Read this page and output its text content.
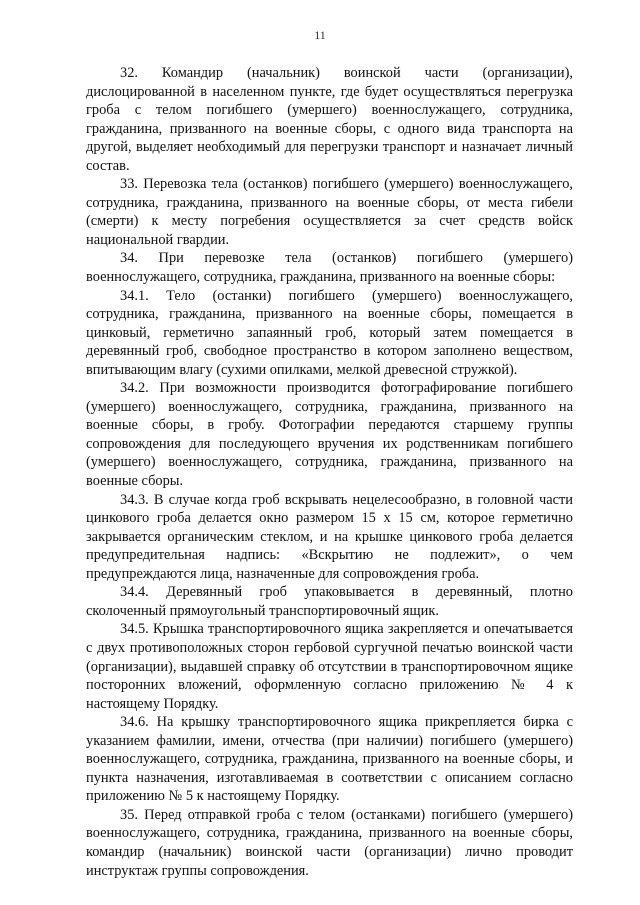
11

32. Командир (начальник) воинской части (организации), дислоцированной в населенном пункте, где будет осуществляться перегрузка гроба с телом погибшего (умершего) военнослужащего, сотрудника, гражданина, призванного на военные сборы, с одного вида транспорта на другой, выделяет необходимый для перегрузки транспорт и назначает личный состав.

33. Перевозка тела (останков) погибшего (умершего) военнослужащего, сотрудника, гражданина, призванного на военные сборы, от места гибели (смерти) к месту погребения осуществляется за счет средств войск национальной гвардии.

34. При перевозке тела (останков) погибшего (умершего) военнослужащего, сотрудника, гражданина, призванного на военные сборы:

34.1. Тело (останки) погибшего (умершего) военнослужащего, сотрудника, гражданина, призванного на военные сборы, помещается в цинковый, герметично запаянный гроб, который затем помещается в деревянный гроб, свободное пространство в котором заполнено веществом, впитывающим влагу (сухими опилками, мелкой древесной стружкой).

34.2. При возможности производится фотографирование погибшего (умершего) военнослужащего, сотрудника, гражданина, призванного на военные сборы, в гробу. Фотографии передаются старшему группы сопровождения для последующего вручения их родственникам погибшего (умершего) военнослужащего, сотрудника, гражданина, призванного на военные сборы.

34.3. В случае когда гроб вскрывать нецелесообразно, в головной части цинкового гроба делается окно размером 15 х 15 см, которое герметично закрывается органическим стеклом, и на крышке цинкового гроба делается предупредительная надпись: «Вскрытию не подлежит», о чем предупреждаются лица, назначенные для сопровождения гроба.

34.4. Деревянный гроб упаковывается в деревянный, плотно сколоченный прямоугольный транспортировочный ящик.

34.5. Крышка транспортировочного ящика закрепляется и опечатывается с двух противоположных сторон гербовой сургучной печатью воинской части (организации), выдавшей справку об отсутствии в транспортировочном ящике посторонних вложений, оформленную согласно приложению № 4 к настоящему Порядку.

34.6. На крышку транспортировочного ящика прикрепляется бирка с указанием фамилии, имени, отчества (при наличии) погибшего (умершего) военнослужащего, сотрудника, гражданина, призванного на военные сборы, и пункта назначения, изготавливаемая в соответствии с описанием согласно приложению № 5 к настоящему Порядку.

35. Перед отправкой гроба с телом (останками) погибшего (умершего) военнослужащего, сотрудника, гражданина, призванного на военные сборы, командир (начальник) воинской части (организации) лично проводит инструктаж группы сопровождения.
